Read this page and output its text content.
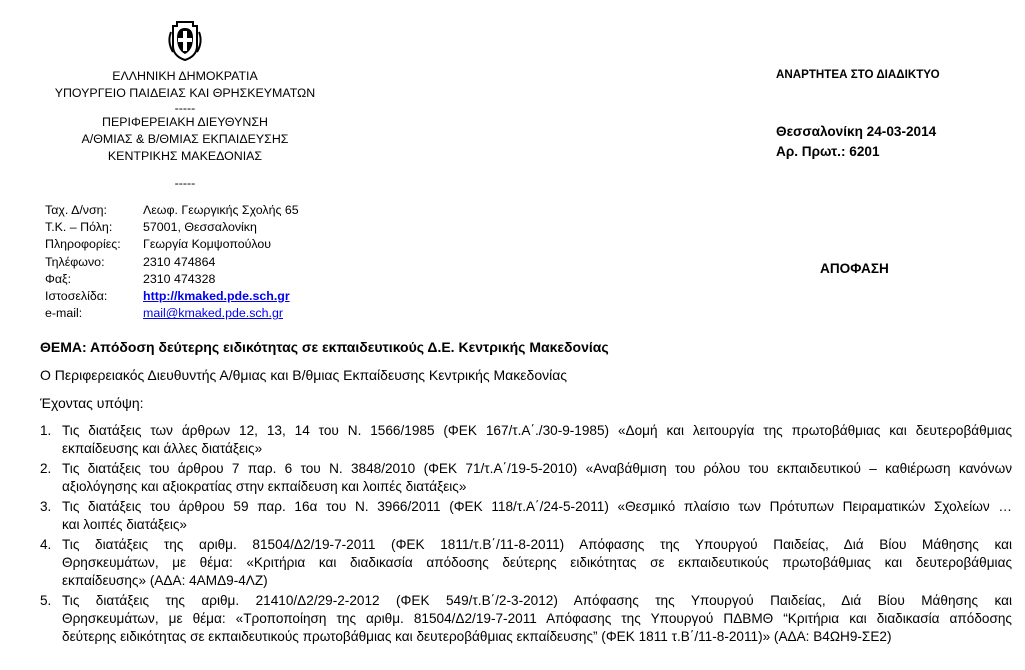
ΕΛΛΗΝΙΚΗ ΔΗΜΟΚΡΑΤΙΑ
ΥΠΟΥΡΓΕΙΟ ΠΑΙΔΕΙΑΣ ΚΑΙ ΘΡΗΣΚΕΥΜΑΤΩΝ
-----
ΠΕΡΙΦΕΡΕΙΑΚΗ ΔΙΕΥΘΥΝΣΗ
Α/ΘΜΙΑΣ & Β/ΘΜΙΑΣ ΕΚΠΑΙΔΕΥΣΗΣ
ΚΕΝΤΡΙΚΗΣ ΜΑΚΕΔΟΝΙΑΣ
-----
Ταχ. Δ/νση:	Λεωφ. Γεωργικής Σχολής 65
Τ.Κ. – Πόλη:	57001, Θεσσαλονίκη
Πληροφορίες:	Γεωργία Κομψοπούλου
Τηλέφωνο:	2310 474864
Φαξ:	2310 474328
Ιστοσελίδα:	http://kmaked.pde.sch.gr
e-mail:	mail@kmaked.pde.sch.gr
ΑΝΑΡΤΗΤΕΑ ΣΤΟ ΔΙΑΔΙΚΤΥΟ
Θεσσαλονίκη 24-03-2014
Αρ. Πρωτ.: 6201
ΑΠΟΦΑΣΗ
ΘΕΜΑ: Απόδοση δεύτερης ειδικότητας σε εκπαιδευτικούς Δ.Ε. Κεντρικής Μακεδονίας
Ο Περιφερειακός Διευθυντής Α/θμιας και Β/θμιας Εκπαίδευσης Κεντρικής Μακεδονίας
Έχοντας υπόψη:
1. Τις διατάξεις των άρθρων 12, 13, 14 του Ν. 1566/1985 (ΦΕΚ 167/τ.Α΄./30-9-1985) «Δομή και λειτουργία της πρωτοβάθμιας και δευτεροβάθμιας
εκπαίδευσης και άλλες διατάξεις»
2. Τις διατάξεις του άρθρου 7 παρ. 6 του Ν. 3848/2010 (ΦΕΚ 71/τ.Α΄/19-5-2010) «Αναβάθμιση του ρόλου του εκπαιδευτικού – καθιέρωση κανόνων
αξιολόγησης και αξιοκρατίας στην εκπαίδευση και λοιπές διατάξεις»
3. Τις διατάξεις του άρθρου 59 παρ. 16α του Ν. 3966/2011 (ΦΕΚ 118/τ.Α΄/24-5-2011) «Θεσμικό πλαίσιο των Πρότυπων Πειραματικών Σχολείων …
και λοιπές διατάξεις»
4. Τις διατάξεις της αριθμ. 81504/Δ2/19-7-2011 (ΦΕΚ 1811/τ.Β΄/11-8-2011) Απόφασης της Υπουργού Παιδείας, Διά Βίου Μάθησης και
Θρησκευμάτων, με θέμα: «Κριτήρια και διαδικασία απόδοσης δεύτερης ειδικότητας σε εκπαιδευτικούς πρωτοβάθμιας και δευτεροβάθμιας
εκπαίδευσης» (ΑΔΑ: 4ΑΜΔ9-4ΛΖ)
5. Τις διατάξεις της αριθμ. 21410/Δ2/29-2-2012 (ΦΕΚ 549/τ.Β΄/2-3-2012) Απόφασης της Υπουργού Παιδείας, Διά Βίου Μάθησης και
Θρησκευμάτων, με θέμα: «Τροποποίηση της αριθμ. 81504/Δ2/19-7-2011 Απόφασης της Υπουργού ΠΔΒΜΘ “Κριτήρια και διαδικασία απόδοσης
δεύτερης ειδικότητας σε εκπαιδευτικούς πρωτοβάθμιας και δευτεροβάθμιας εκπαίδευσης” (ΦΕΚ 1811 τ.Β΄/11-8-2011)» (ΑΔΑ: Β4ΩΗ9-ΣΕ2)
